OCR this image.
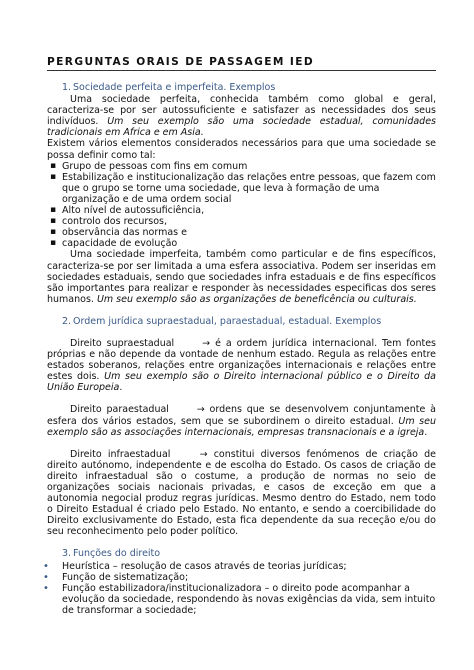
PERGUNTAS ORAIS DE PASSAGEM IED
1. Sociedade perfeita e imperfeita. Exemplos

Uma sociedade perfeita, conhecida também como global e geral, caracteriza-se por ser autossuficiente e satisfazer as necessidades dos seus indivíduos. Um seu exemplo são uma sociedade estadual, comunidades tradicionais em Africa e em Asia.

Existem vários elementos considerados necessários para que uma sociedade se possa definir como tal:

▪ Grupo de pessoas com fins em comum
▪ Estabilização e institucionalização das relações entre pessoas, que fazem com que o grupo se torne uma sociedade, que leva à formação de uma organização e de uma ordem social
▪ Alto nível de autossuficiência,
▪ controlo dos recursos,
▪ observância das normas e
▪ capacidade de evolução

Uma sociedade imperfeita, também como particular e de fins específicos, caracteriza-se por ser limitada a uma esfera associativa. Podem ser inseridas em sociedades estaduais, sendo que sociedades infra estaduais e de fins específicos são importantes para realizar e responder às necessidades especificas dos seres humanos. Um seu exemplo são as organizações de beneficência ou culturais.

2. Ordem jurídica supraestadual, paraestadual, estadual. Exemplos

Direito supraestadual	→ é a ordem jurídica internacional. Tem fontes próprias e não depende da vontade de nenhum estado. Regula as relações entre estados soberanos, relações entre organizações internacionais e relações entre estes dois. Um seu exemplo são o Direito internacional público e o Direito da União Europeia.

Direito paraestadual	→ ordens que se desenvolvem conjuntamente à esfera dos vários estados, sem que se subordinem o direito estadual. Um seu exemplo são as associações internacionais, empresas transnacionais e a igreja.

Direito infraestadual	→ constitui diversos fenómenos de criação de direito autónomo, independente e de escolha do Estado. Os casos de criação de direito infraestadual são o costume, a produção de normas no seio de organizações sociais nacionais privadas, e casos de exceção em que a autonomia negocial produz regras jurídicas. Mesmo dentro do Estado, nem todo o Direito Estadual é criado pelo Estado. No entanto, e sendo a coercibilidade do Direito exclusivamente do Estado, esta fica dependente da sua receção e/ou do seu reconhecimento pelo poder político.

3. Funções do direito
• Heurística – resolução de casos através de teorias jurídicas;
• Função de sistematização;
• Função estabilizadora/institucionalizadora – o direito pode acompanhar a evolução da sociedade, respondendo às novas exigências da vida, sem intuito de transformar a sociedade;
